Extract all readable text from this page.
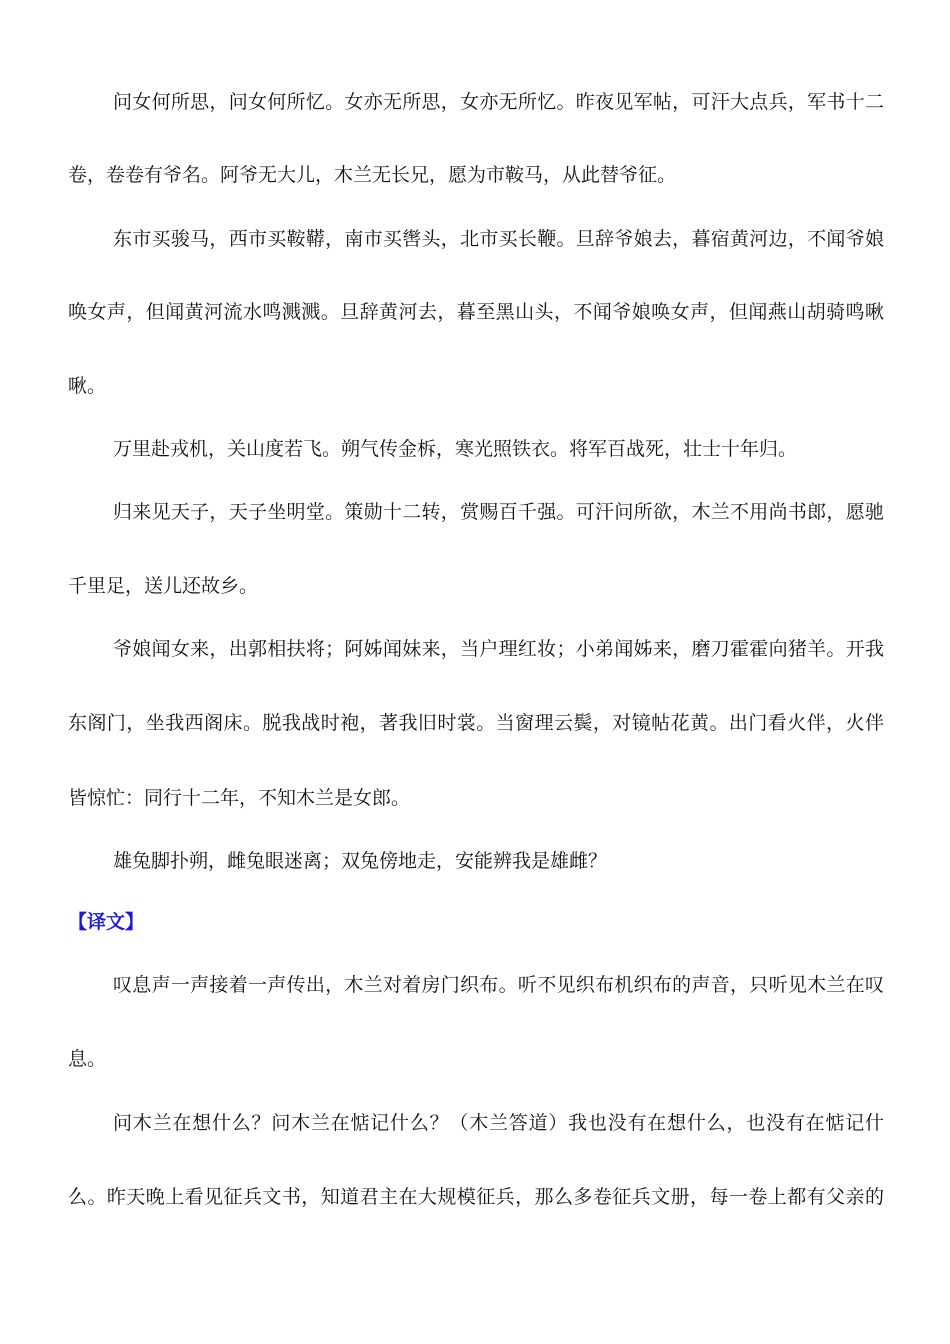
问女何所思，问女何所忆。女亦无所思，女亦无所忆。昨夜见军帖，可汗大点兵，军书十二
卷，卷卷有爷名。阿爷无大儿，木兰无长兄，愿为市鞍马，从此替爷征。
东市买骏马，西市买鞍鞯，南市买辔头，北市买长鞭。旦辞爷娘去，暮宿黄河边，不闻爷娘
唤女声，但闻黄河流水鸣溅溅。旦辞黄河去，暮至黑山头，不闻爷娘唤女声，但闻燕山胡骑鸣啾
啾。
万里赴戎机，关山度若飞。朔气传金柝，寒光照铁衣。将军百战死，壮士十年归。
归来见天子，天子坐明堂。策勋十二转，赏赐百千强。可汗问所欲，木兰不用尚书郎，愿驰
千里足，送儿还故乡。
爷娘闻女来，出郭相扶将；阿姊闻妹来，当户理红妆；小弟闻姊来，磨刀霍霍向猪羊。开我
东阁门，坐我西阁床。脱我战时袍，著我旧时裳。当窗理云鬓，对镜帖花黄。出门看火伴，火伴
皆惊忙：同行十二年，不知木兰是女郎。
雄兔脚扑朔，雌兔眼迷离；双兔傍地走，安能辨我是雄雌？
【译文】
叹息声一声接着一声传出，木兰对着房门织布。听不见织布机织布的声音，只听见木兰在叹
息。
问木兰在想什么？问木兰在惦记什么？（木兰答道）我也没有在想什么，也没有在惦记什
么。昨天晚上看见征兵文书，知道君主在大规模征兵，那么多卷征兵文册，每一卷上都有父亲的
